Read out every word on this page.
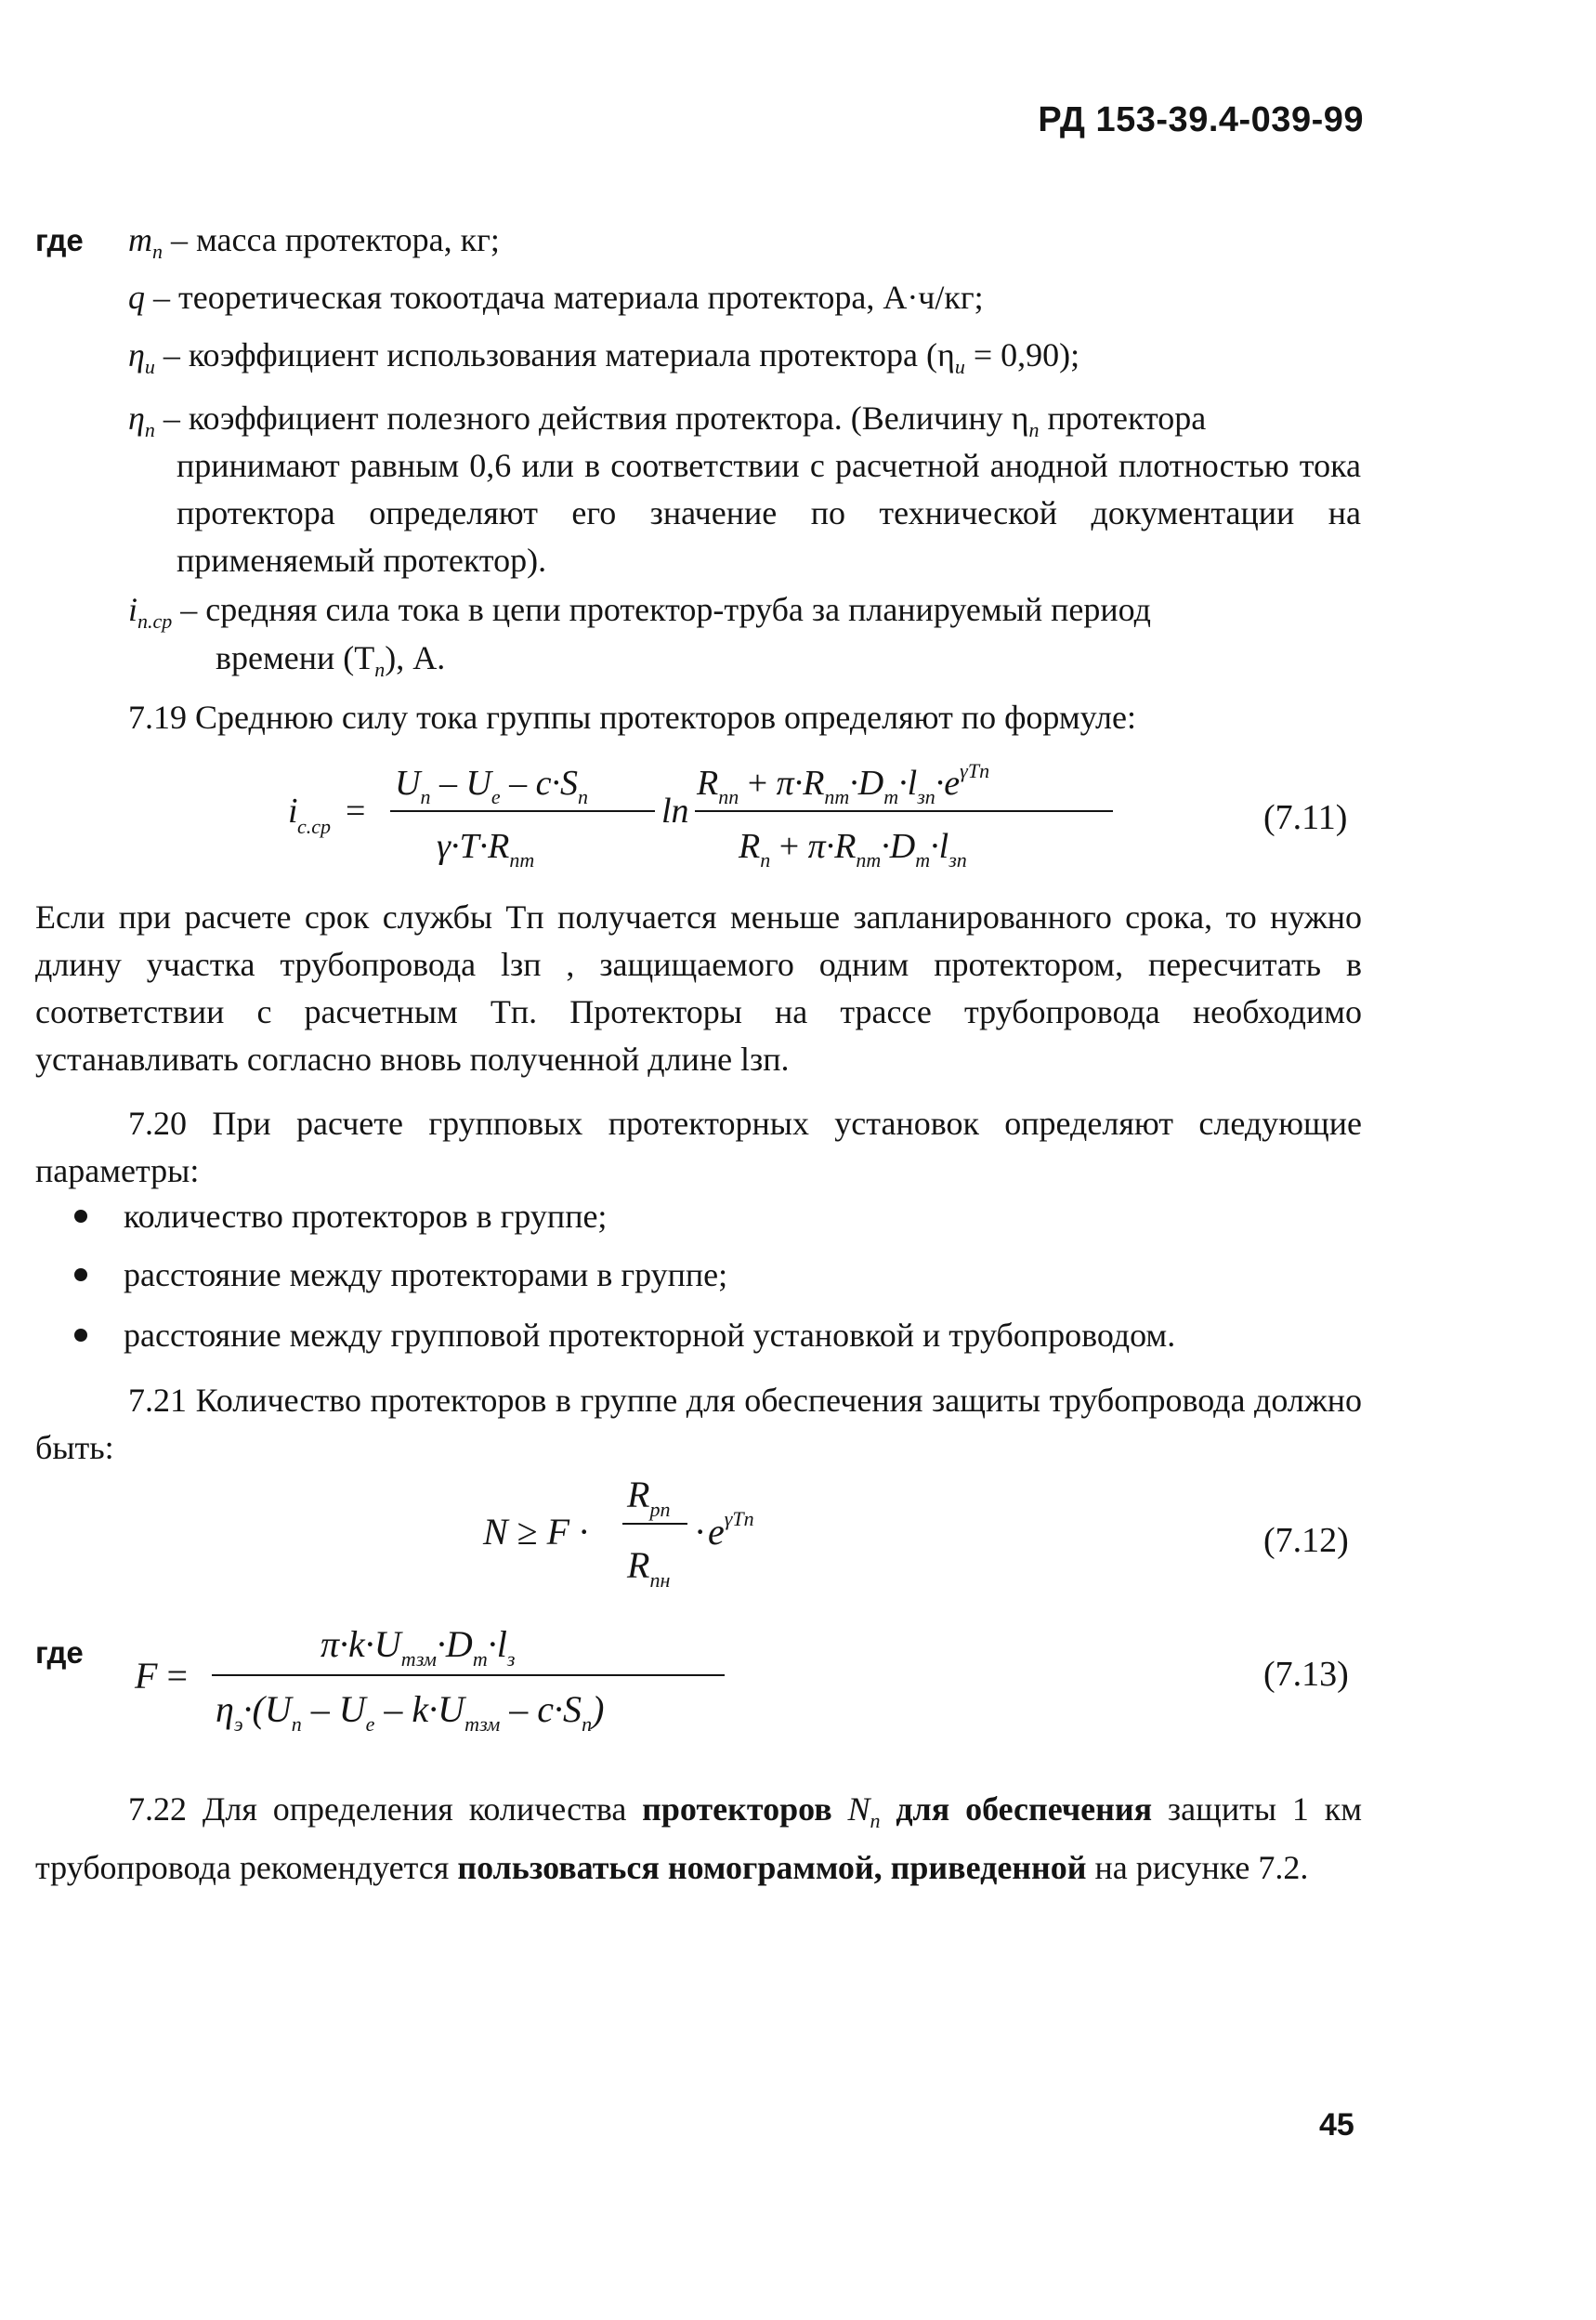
РД 153-39.4-039-99
где $m_п$ – масса протектора, кг;
q – теоретическая токоотдача материала протектора, А·ч/кг;
$\eta_и$ – коэффициент использования материала протектора $(\eta_и = 0,90)$;
$\eta_п$ – коэффициент полезного действия протектора. (Величину $\eta_п$ протектора
принимают равным 0,6 или в соответствии с расчетной анодной плотностью тока протектора определяют его значение по технической документации на применяемый протектор).
$i_{п.ср}$ – средняя сила тока в цепи протектор-труба за планируемый период
времени $(T_п)$, А.
7.19 Среднюю силу тока группы протекторов определяют по формуле:
i с.ср =
$U_п - U_е - c\cdot S_п$
$\gamma\cdot T\cdot R_{пт}$
ln
$R_{пп} + \pi\cdot R_{пт}\cdot D_т\cdot l_{зп}\cdot e^{\gamma Tп}$
$R_п + \pi\cdot R_{пт}\cdot D_т\cdot l_{зп}$
(7.11)
Если при расчете срок службы Tп получается меньше запланированного срока, то нужно длину участка трубопровода lзп , защищаемого одним протектором, пересчитать в соответствии с расчетным Tп. Протекторы на трассе трубопровода необходимо устанавливать согласно вновь полученной длине lзп.
7.20 При расчете групповых протекторных установок определяют следующие параметры:
количество протекторов в группе;
расстояние между протекторами в группе;
расстояние между групповой протекторной установкой и трубопроводом.
7.21 Количество протекторов в группе для обеспечения защиты трубопровода должно быть:
N ≥ F ·
$R_{рп}$
$R_{пн}$
· $e^{\gamma Tп}$
(7.12)
где
F =
$\pi\cdot k\cdot U_{тзм}\cdot D_т\cdot l_з$
$\eta_э\cdot(U_п - U_е - k\cdot U_{тзм} - c\cdot S_п)$
(7.13)
7.22 Для определения количества протекторов $N_п$ для обеспечения защиты 1 км трубопровода рекомендуется пользоваться номограммой, приведенной на рисунке 7.2.
45
